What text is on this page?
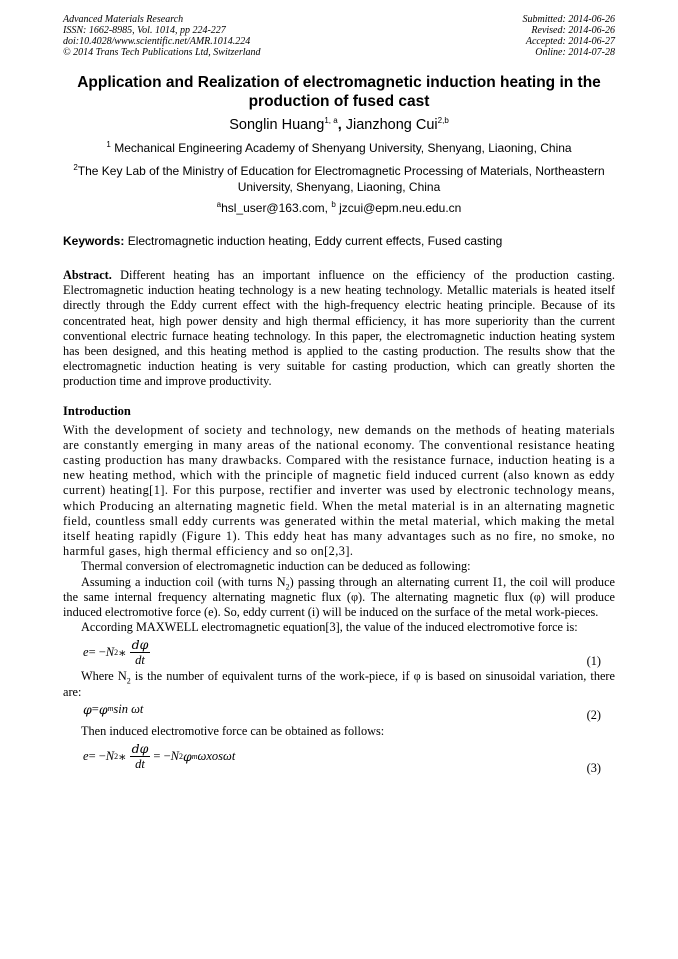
Advanced Materials Research
ISSN: 1662-8985, Vol. 1014, pp 224-227
doi:10.4028/www.scientific.net/AMR.1014.224
© 2014 Trans Tech Publications Ltd, Switzerland
Submitted: 2014-06-26
Revised: 2014-06-26
Accepted: 2014-06-27
Online: 2014-07-28
Application and Realization of electromagnetic induction heating in the production of fused cast
Songlin Huang$^{1, a}$, Jianzhong Cui$^{2,b}$
$^1$ Mechanical Engineering Academy of Shenyang University, Shenyang, Liaoning, China
$^2$The Key Lab of the Ministry of Education for Electromagnetic Processing of Materials, Northeastern University, Shenyang, Liaoning, China
$^a$hsl_user@163.com, $^b$ jzcui@epm.neu.edu.cn
Keywords: Electromagnetic induction heating, Eddy current effects, Fused casting
Abstract. Different heating has an important influence on the efficiency of the production casting. Electromagnetic induction heating technology is a new heating technology. Metallic materials is heated itself directly through the Eddy current effect with the high-frequency electric heating principle. Because of its concentrated heat, high power density and high thermal efficiency, it has more superiority than the current conventional electric furnace heating technology. In this paper, the electromagnetic induction heating system has been designed, and this heating method is applied to the casting production. The results show that the electromagnetic induction heating is very suitable for casting production, which can greatly shorten the production time and improve productivity.
Introduction
With the development of society and technology, new demands on the methods of heating materials are constantly emerging in many areas of the national economy. The conventional resistance heating casting production has many drawbacks. Compared with the resistance furnace, induction heating is a new heating method, which with the principle of magnetic field induced current (also known as eddy current) heating[1]. For this purpose, rectifier and inverter was used by electronic technology means, which Producing an alternating magnetic field. When the metal material is in an alternating magnetic field, countless small eddy currents was generated within the metal material, which making the metal itself heating rapidly (Figure 1). This eddy heat has many advantages such as no fire, no smoke, no harmful gases, high thermal efficiency and so on[2,3].
Thermal conversion of electromagnetic induction can be deduced as following:
Assuming a induction coil (with turns $N_2$) passing through an alternating current I1, the coil will produce the same internal frequency alternating magnetic flux (φ). The alternating magnetic flux (φ) will produce induced electromotive force (e). So, eddy current (i) will be induced on the surface of the metal work-pieces.
According MAXWELL electromagnetic equation[3], the value of the induced electromotive force is:
e = − N 2 ∗ $\frac{d\varphi}{dt}$	(1)
Where $N_2$ is the number of equivalent turns of the work-piece, if φ is based on sinusoidal variation, there are:
φ = φ m sin ωt	(2)
Then induced electromotive force can be obtained as follows:
e = − N 2 ∗ $\frac{d\varphi}{dt}$ = − N 2 φ m ωxosωt
(3)
